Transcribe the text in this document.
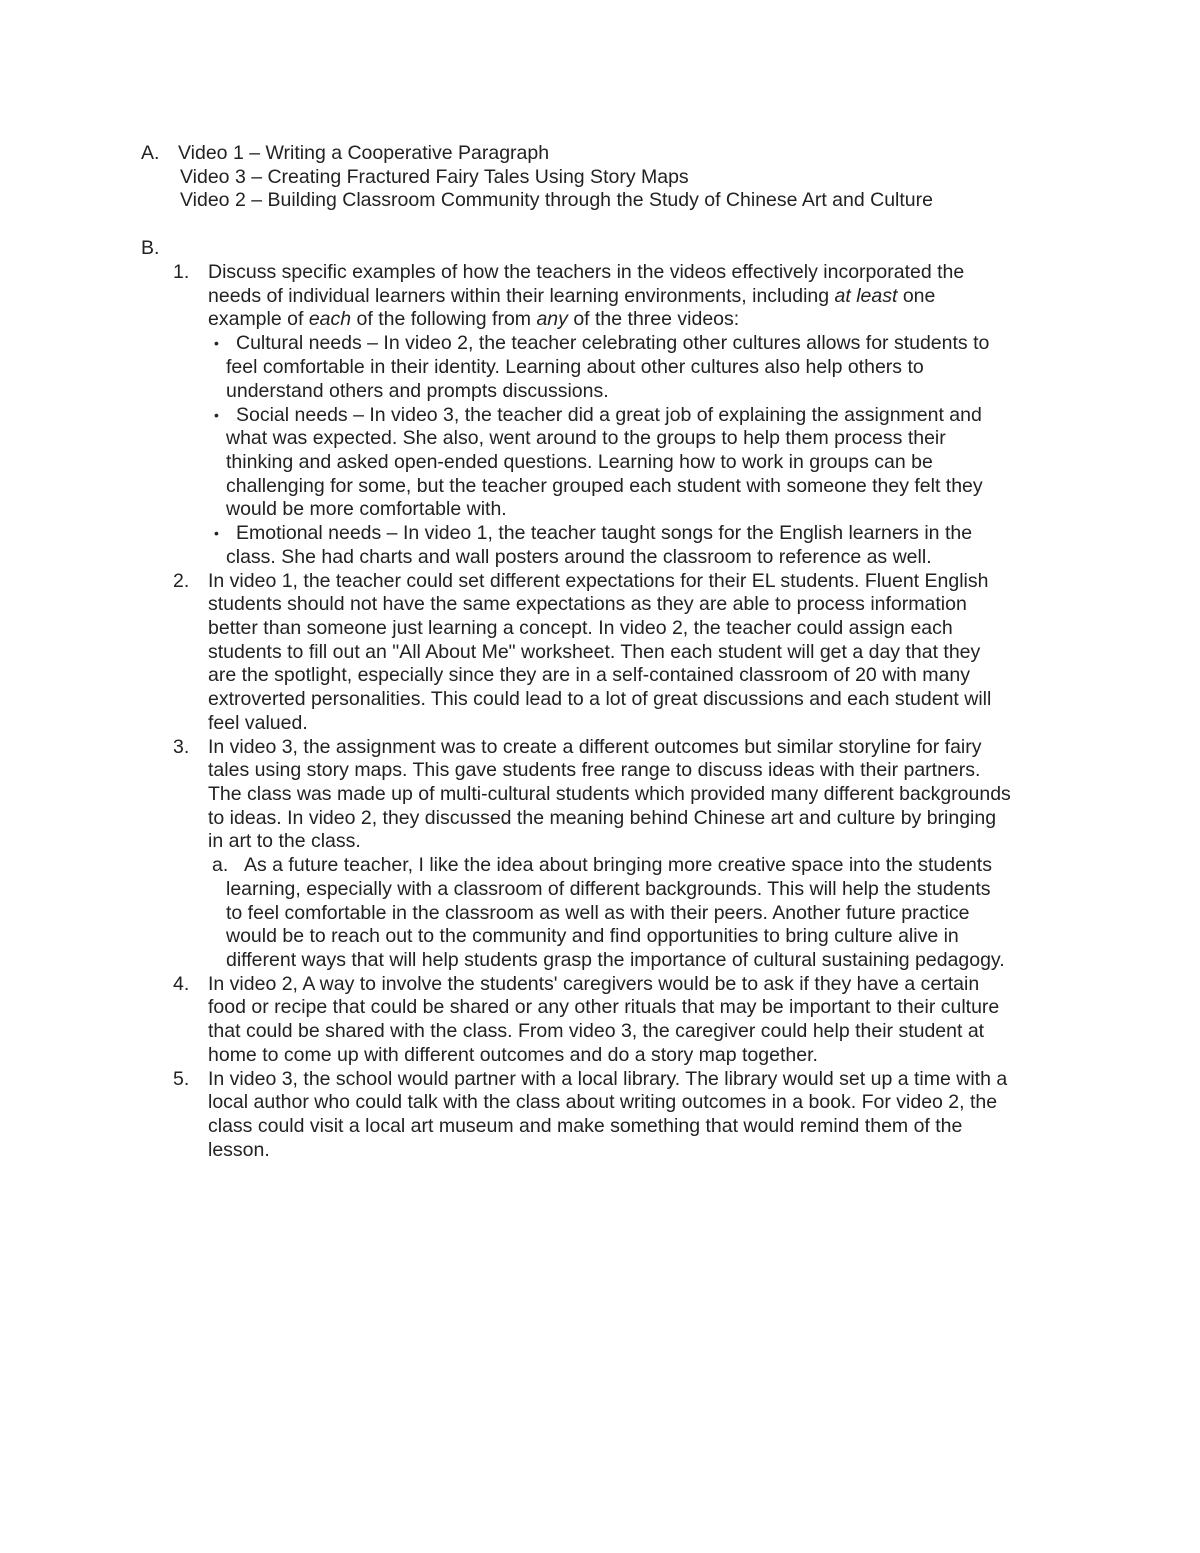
A. Video 1 – Writing a Cooperative Paragraph
Video 3 – Creating Fractured Fairy Tales Using Story Maps
Video 2 – Building Classroom Community through the Study of Chinese Art and Culture
B.
1. Discuss specific examples of how the teachers in the videos effectively incorporated the
needs of individual learners within their learning environments, including at least one
example of each of the following from any of the three videos:
• Cultural needs – In video 2, the teacher celebrating other cultures allows for students to
feel comfortable in their identity. Learning about other cultures also help others to
understand others and prompts discussions.
• Social needs – In video 3, the teacher did a great job of explaining the assignment and
what was expected. She also, went around to the groups to help them process their
thinking and asked open-ended questions. Learning how to work in groups can be
challenging for some, but the teacher grouped each student with someone they felt they
would be more comfortable with.
• Emotional needs – In video 1, the teacher taught songs for the English learners in the
class. She had charts and wall posters around the classroom to reference as well.
2. In video 1, the teacher could set different expectations for their EL students. Fluent English
students should not have the same expectations as they are able to process information
better than someone just learning a concept. In video 2, the teacher could assign each
students to fill out an "All About Me" worksheet. Then each student will get a day that they
are the spotlight, especially since they are in a self-contained classroom of 20 with many
extroverted personalities. This could lead to a lot of great discussions and each student will
feel valued.
3. In video 3, the assignment was to create a different outcomes but similar storyline for fairy
tales using story maps. This gave students free range to discuss ideas with their partners.
The class was made up of multi-cultural students which provided many different backgrounds
to ideas. In video 2, they discussed the meaning behind Chinese art and culture by bringing
in art to the class.
a. As a future teacher, I like the idea about bringing more creative space into the students
learning, especially with a classroom of different backgrounds. This will help the students
to feel comfortable in the classroom as well as with their peers. Another future practice
would be to reach out to the community and find opportunities to bring culture alive in
different ways that will help students grasp the importance of cultural sustaining pedagogy.
4. In video 2, A way to involve the students' caregivers would be to ask if they have a certain
food or recipe that could be shared or any other rituals that may be important to their culture
that could be shared with the class. From video 3, the caregiver could help their student at
home to come up with different outcomes and do a story map together.
5. In video 3, the school would partner with a local library. The library would set up a time with a
local author who could talk with the class about writing outcomes in a book. For video 2, the
class could visit a local art museum and make something that would remind them of the
lesson.
